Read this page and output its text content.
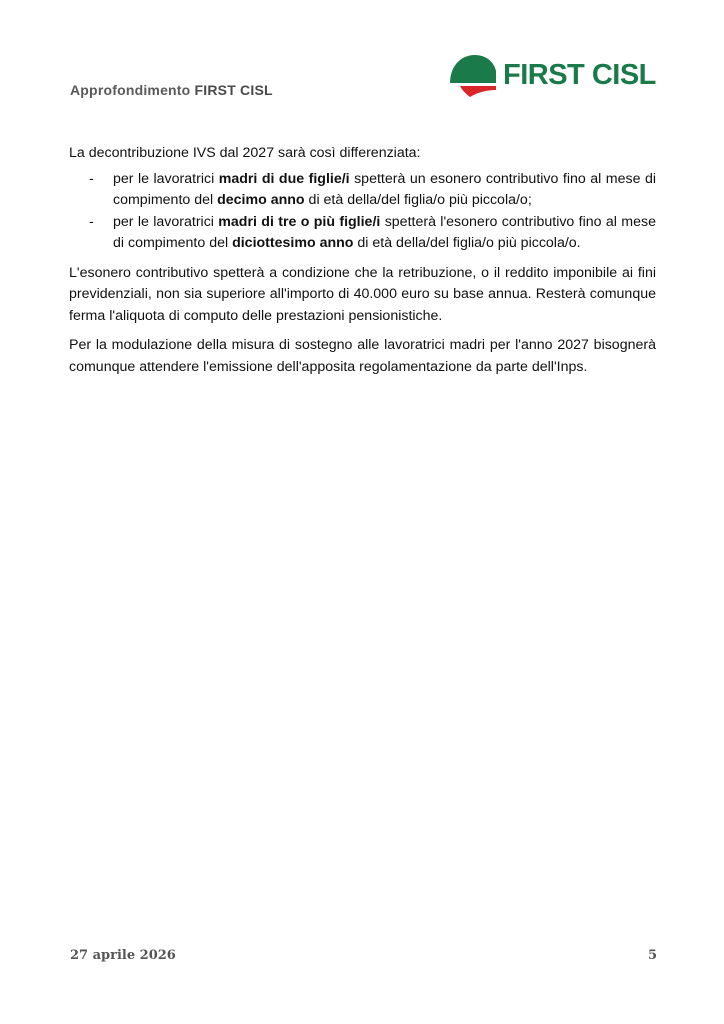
Approfondimento FIRST CISL	FIRST CISL

La decontribuzione IVS dal 2027 sarà così differenziata:

- per le lavoratrici madri di due figlie/i spetterà un esonero contributivo fino al mese di compimento del decimo anno di età della/del figlia/o più piccola/o;
- per le lavoratrici madri di tre o più figlie/i spetterà l'esonero contributivo fino al mese di compimento del diciottesimo anno di età della/del figlia/o più piccola/o.

L'esonero contributivo spetterà a condizione che la retribuzione, o il reddito imponibile ai fini previdenziali, non sia superiore all'importo di 40.000 euro su base annua. Resterà comunque ferma l'aliquota di computo delle prestazioni pensionistiche.

Per la modulazione della misura di sostegno alle lavoratrici madri per l'anno 2027 bisognerà comunque attendere l'emissione dell'apposita regolamentazione da parte dell'Inps.

27 aprile 2026	5
